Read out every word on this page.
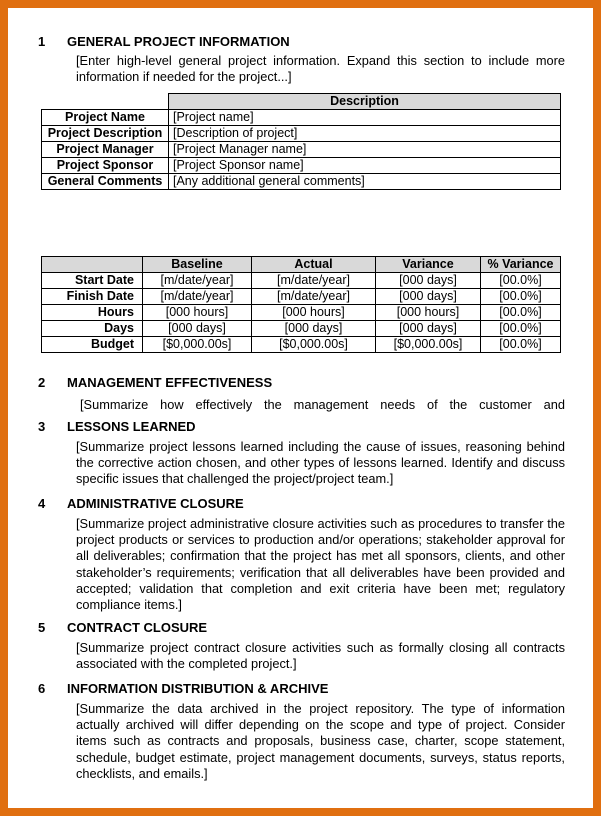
1 GENERAL PROJECT INFORMATION
[Enter high-level general project information. Expand this section to include more information if needed for the project...]
	Description
Project Name	[Project name]
Project Description	[Description of project]
Project Manager	[Project Manager name]
Project Sponsor	[Project Sponsor name]
General Comments	[Any additional general comments]
	Baseline	Actual	Variance	% Variance
Start Date	[m/date/year]	[m/date/year]	[000 days]	[00.0%]
Finish Date	[m/date/year]	[m/date/year]	[000 days]	[00.0%]
Hours	[000 hours]	[000 hours]	[000 hours]	[00.0%]
Days	[000 days]	[000 days]	[000 days]	[00.0%]
Budget	[$0,000.00s]	[$0,000.00s]	[$0,000.00s]	[00.0%]
2 MANAGEMENT EFFECTIVENESS
[Summarize how effectively the management needs of the customer and
3 LESSONS LEARNED
[Summarize project lessons learned including the cause of issues, reasoning behind the corrective action chosen, and other types of lessons learned. Identify and discuss specific issues that challenged the project/project team.]
4 ADMINISTRATIVE CLOSURE
[Summarize project administrative closure activities such as procedures to transfer the project products or services to production and/or operations; stakeholder approval for all deliverables; confirmation that the project has met all sponsors, clients, and other stakeholder’s requirements; verification that all deliverables have been provided and accepted; validation that completion and exit criteria have been met; regulatory compliance items.]
5 CONTRACT CLOSURE
[Summarize project contract closure activities such as formally closing all contracts associated with the completed project.]
6 INFORMATION DISTRIBUTION & ARCHIVE
[Summarize the data archived in the project repository. The type of information actually archived will differ depending on the scope and type of project. Consider items such as contracts and proposals, business case, charter, scope statement, schedule, budget estimate, project management documents, surveys, status reports, checklists, and emails.]
